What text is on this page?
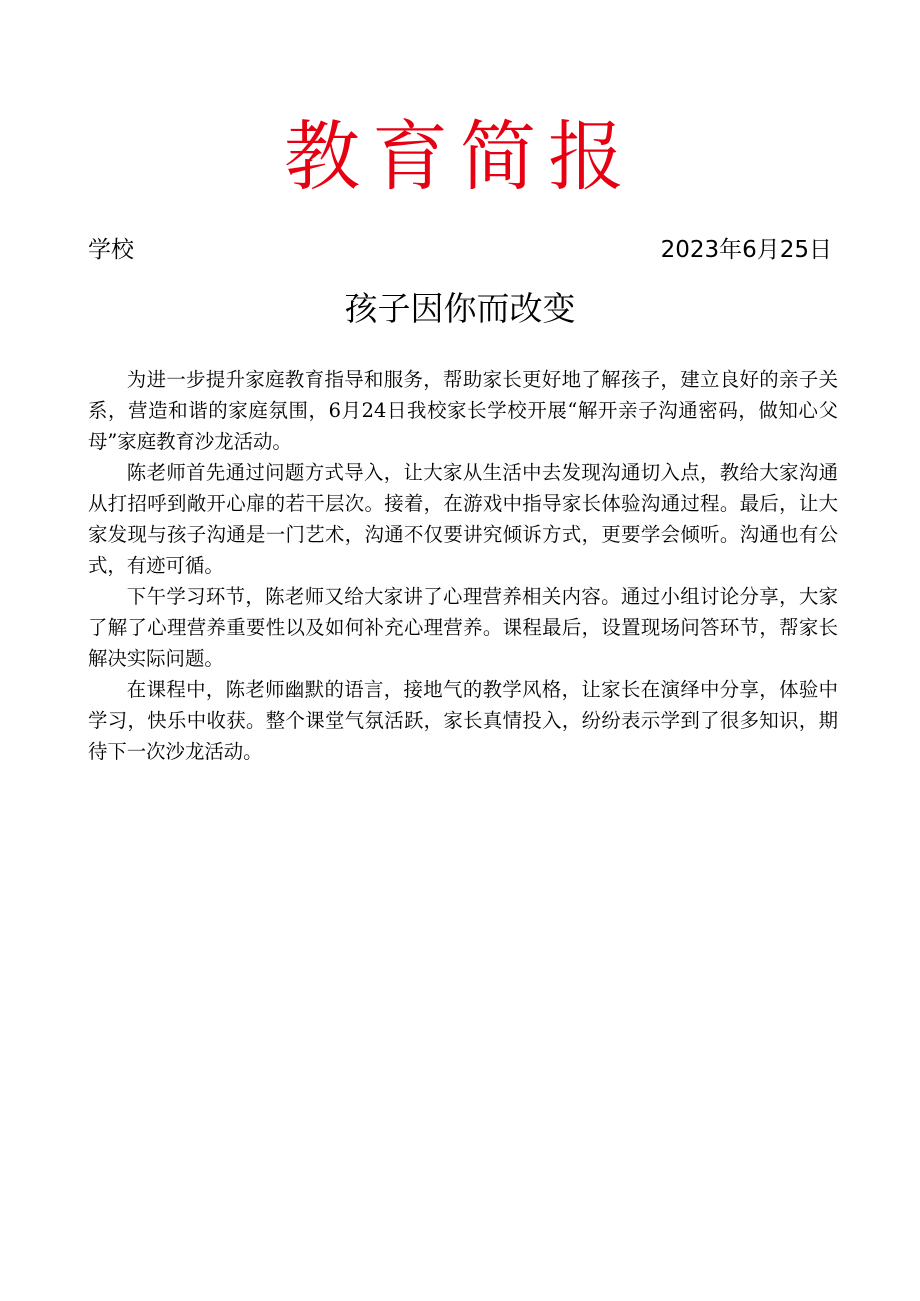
教育简报
学校	2023年6月25日
孩子因你而改变

为进一步提升家庭教育指导和服务，帮助家长更好地了解孩子，建立良好的亲子关系，营造和谐的家庭氛围，6月24日我校家长学校开展“解开亲子沟通密码，做知心父母”家庭教育沙龙活动。

陈老师首先通过问题方式导入，让大家从生活中去发现沟通切入点，教给大家沟通从打招呼到敞开心扉的若干层次。接着，在游戏中指导家长体验沟通过程。最后，让大家发现与孩子沟通是一门艺术，沟通不仅要讲究倾诉方式，更要学会倾听。沟通也有公式，有迹可循。

下午学习环节，陈老师又给大家讲了心理营养相关内容。通过小组讨论分享，大家了解了心理营养重要性以及如何补充心理营养。课程最后，设置现场问答环节，帮家长解决实际问题。

在课程中，陈老师幽默的语言，接地气的教学风格，让家长在演绎中分享，体验中学习，快乐中收获。整个课堂气氛活跃，家长真情投入，纷纷表示学到了很多知识，期待下一次沙龙活动。
